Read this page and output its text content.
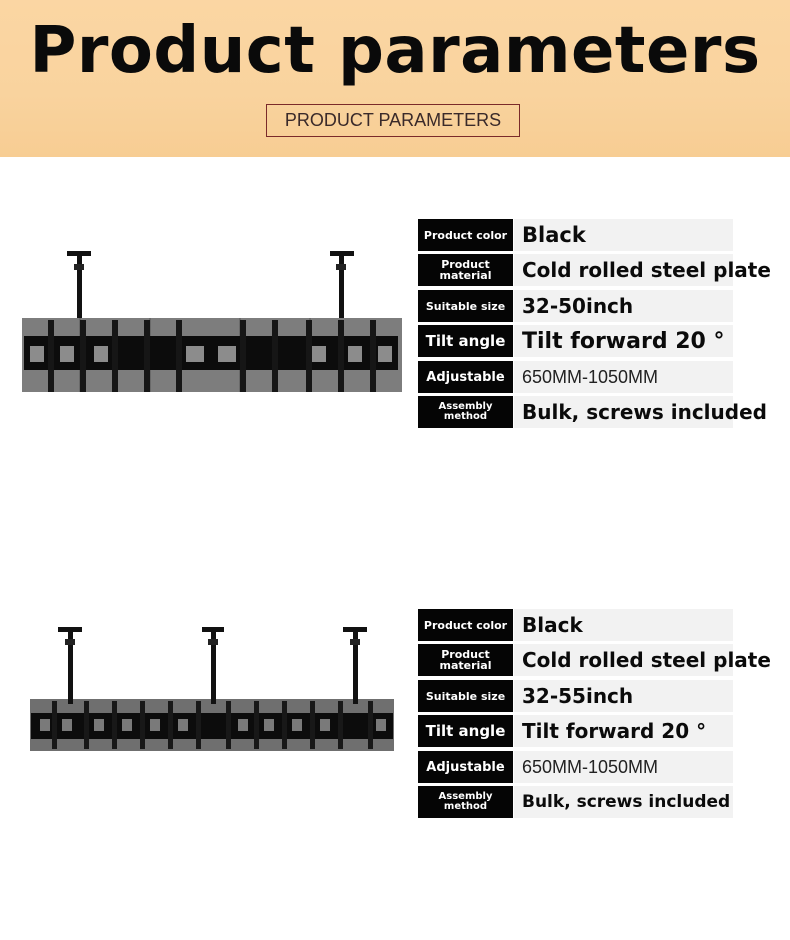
Product parameters
PRODUCT PARAMETERS
Product color Black
Product material	Cold rolled steel plate
Suitable size 32-50inch
Tilt angle Tilt forward 20 °
Adjustable 650MM-1050MM
Assembly method	Bulk, screws included
Product color Black
Product material	Cold rolled steel plate
Suitable size 32-55inch
Tilt angle Tilt forward 20 °
Adjustable 650MM-1050MM
Assembly method	Bulk, screws included
